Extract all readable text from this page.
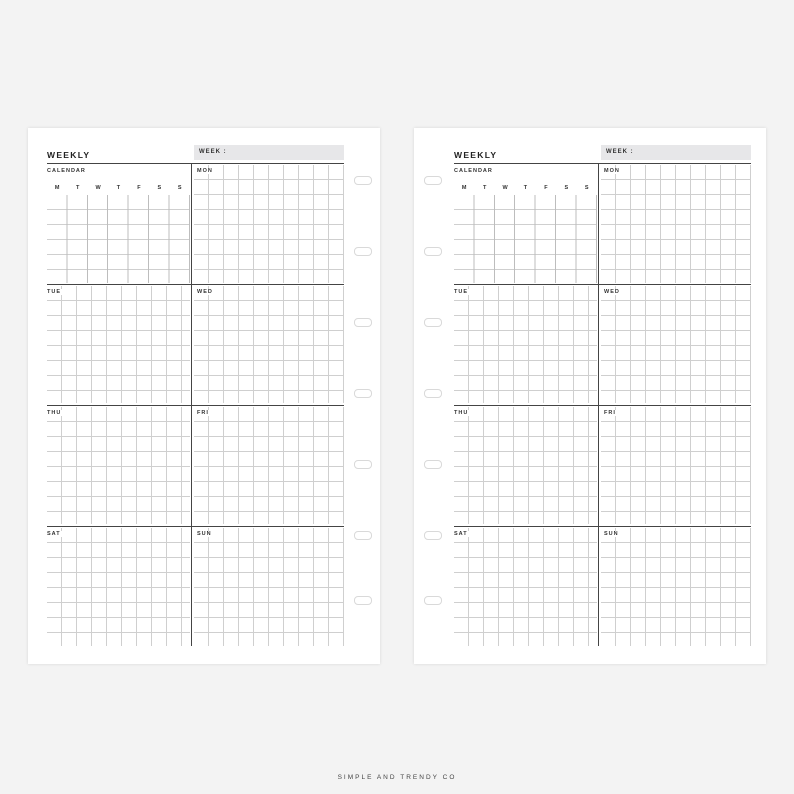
WEEKLY	WEEK :
M	T	W	T	F	S	S
CALENDAR	MON
TUE	WED
THU	FRI
SAT	SUN
WEEKLY	WEEK :
M	T	W	T	F	S	S
CALENDAR	MON
TUE	WED
THU	FRI
SAT	SUN
SIMPLE AND TRENDY CO
